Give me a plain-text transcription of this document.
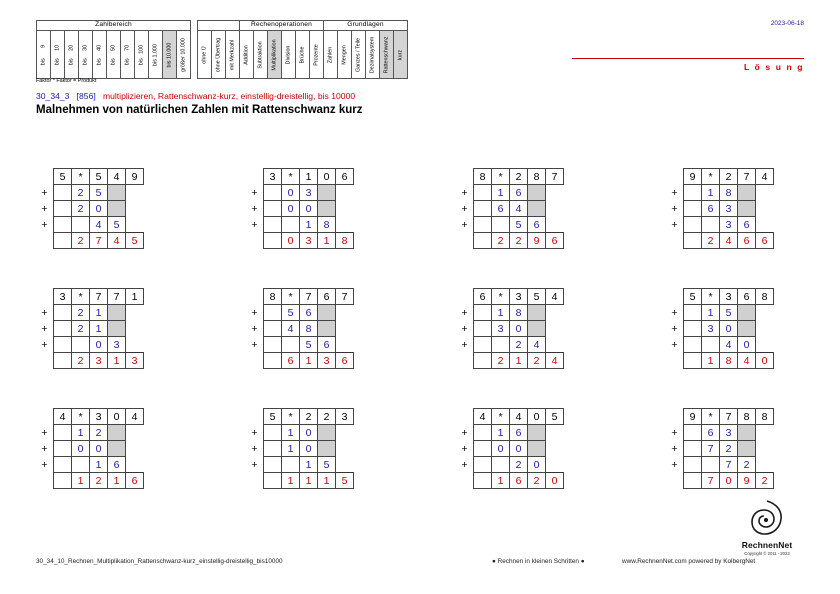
Zahlbereich															Rechenoperationen						Grundlagen					

bis       9	bis     10	bis     20	bis     30	bis     40	bis     50	bis     70	bis   100	bis 1.000	bis 10.000	größer 10.000		ohne Ü	ohne Übertrag	mit Merkzahl	Addition	Subtraktion	Multiplikation	Division	Brüche	Prozente	Zahlen	Mengen	Ganzes / Teile	Dezimalsystem	Rattenschwanz	kurz
Faktor * Faktor = Produkt
2023-06-18
L ö s u n g
30_34_3 [856] multiplizieren, Rattenschwanz-kurz, einstellig-dreistellig, bis 10000
Malnehmen von natürlichen Zahlen mit Rattenschwanz kurz
	5	*	5	4	9
+		2	5		
+		2	0		
+			4	5	
		2	7	4	5
	3	*	1	0	6
+		0	3		
+		0	0		
+			1	8	
		0	3	1	8
	8	*	2	8	7
+		1	6		
+		6	4		
+			5	6	
		2	2	9	6
	9	*	2	7	4
+		1	8		
+		6	3		
+			3	6	
		2	4	6	6
	3	*	7	7	1
+		2	1		
+		2	1		
+			0	3	
		2	3	1	3
	8	*	7	6	7
+		5	6		
+		4	8		
+			5	6	
		6	1	3	6
	6	*	3	5	4
+		1	8		
+		3	0		
+			2	4	
		2	1	2	4
	5	*	3	6	8
+		1	5		
+		3	0		
+			4	0	
		1	8	4	0
	4	*	3	0	4
+		1	2		
+		0	0		
+			1	6	
		1	2	1	6
	5	*	2	2	3
+		1	0		
+		1	0		
+			1	5	
		1	1	1	5
	4	*	4	0	5
+		1	6		
+		0	0		
+			2	0	
		1	6	2	0
	9	*	7	8	8
+		6	3		
+		7	2		
+			7	2	
		7	0	9	2
RechnenNet
Copyright © 2011 - 2023
30_34_10_Rechnen_Multiplikation_Rattenschwanz-kurz_einstellig-dreistellig_bis10000	● Rechnen in kleinen Schritten ●	www.RechnenNet.com powered by KolbergNet
